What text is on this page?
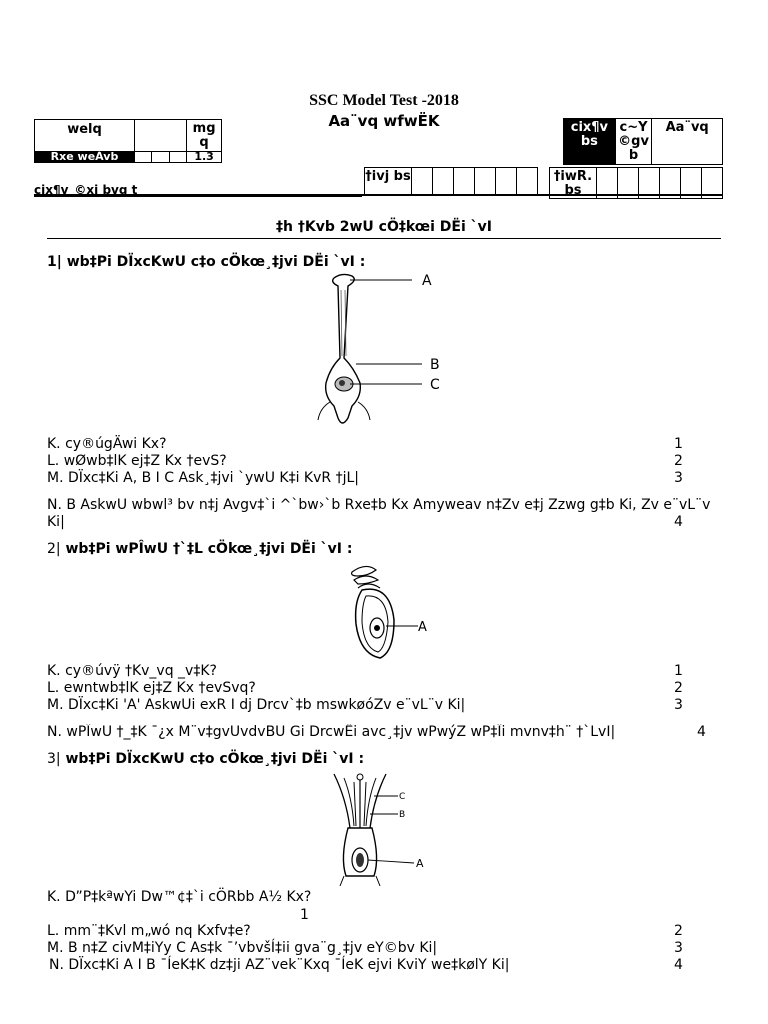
SSC Model Test -2018
Aa¨vq wfwËK
welq		mg q
Rxe weÁvb		1.3
cix¶v bs	c~Y ©gv b	Aa¨vq
†ivj bs							†iwR. bs						
cix¶v_©xi bvg t
‡h †Kvb 2wU cÖ‡kœi DËi `vI
1| wb‡Pi DÏxcKwU c‡o cÖkœ¸‡jvi DËi `vI :
A
B
C
K. cy®úgÄwi Kx?	1
L. wØwb‡lK ej‡Z Kx †evS?	2
M. DÏxc‡Ki A, B I C Ask¸‡jvi `ywU K‡i KvR †jL|	3
N. B AskwU wbwl³ bv n‡j Avgv‡`i ^`bw›`b Rxe‡b Kx Amyweav n‡Zv e‡j Zzwg g‡b Ki, Zv e¨vL¨v Ki|	4
2| wb‡Pi wPÎwU †`‡L cÖkœ¸‡jvi DËi `vI :
A
K. cy®úvÿ †Kv_vq _v‡K?	1
L. ewntwb‡lK ej‡Z Kx †evSvq?	2
M. DÏxc‡Ki 'A' AskwUi exR I dj Drcv`‡b mswkøóZv e¨vL¨v Ki|	3
N. wPÎwU †_‡K ¯¿x M¨v‡gvUvdvBU Gi DrcwËi avc¸‡jv wPwýZ wP‡Îi mvnv‡h¨ †`LvI|	4
3| wb‡Pi DÏxcKwU c‡o cÖkœ¸‡jvi DËi `vI :
C
B
A
K. D”P‡kªwYi Dw™¢‡`i cÖRbb A½ Kx?
1
L. mm¨‡Kvl m„wó nq Kxfv‡e?	2
M. B n‡Z civM‡iYy C As‡k ¯’vbvšÍ‡ii gva¨g¸‡jv eY©bv Ki|	3
N. DÏxc‡Ki A I B ¯ÍeK‡K dz‡ji AZ¨vek¨Kxq ¯ÍeK ejvi KviY we‡kølY Ki|	4
